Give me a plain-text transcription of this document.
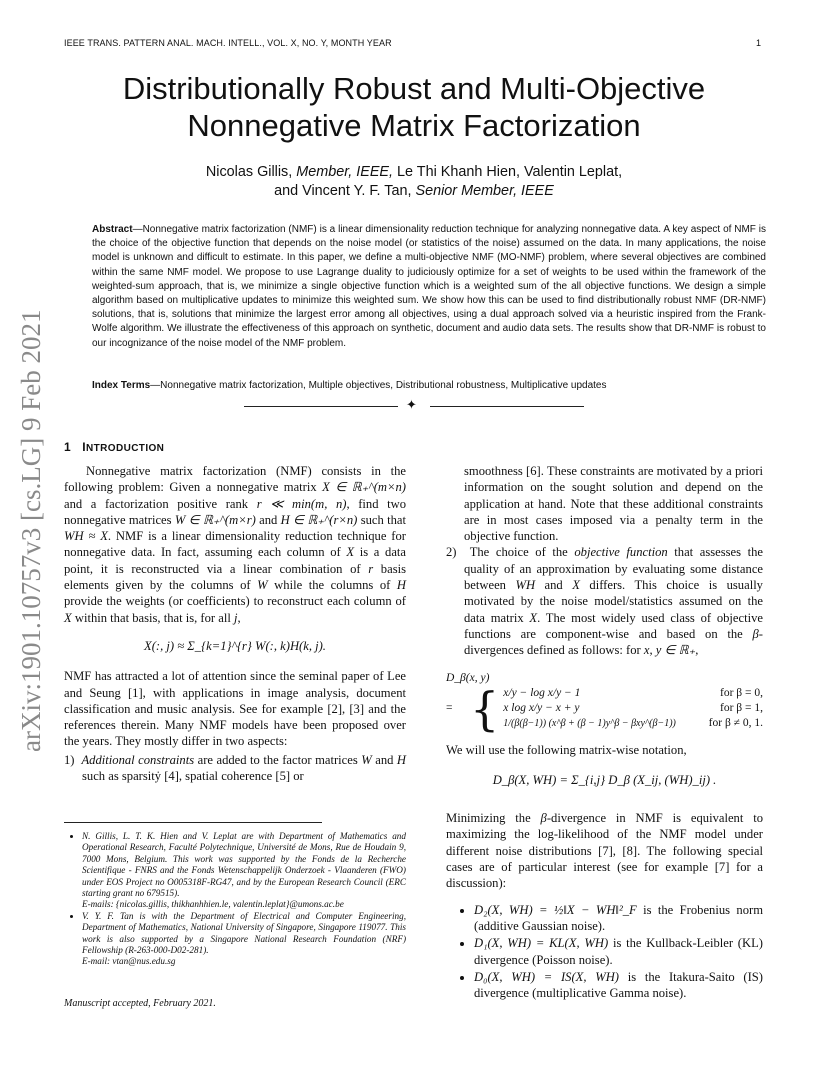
IEEE TRANS. PATTERN ANAL. MACH. INTELL., VOL. X, NO. Y, MONTH YEAR	1
arXiv:1901.10757v3 [cs.LG] 9 Feb 2021
Distributionally Robust and Multi-Objective
Nonnegative Matrix Factorization
Nicolas Gillis, Member, IEEE, Le Thi Khanh Hien, Valentin Leplat,
and Vincent Y. F. Tan, Senior Member, IEEE
Abstract—Nonnegative matrix factorization (NMF) is a linear dimensionality reduction technique for analyzing nonnegative data. A key aspect of NMF is the choice of the objective function that depends on the noise model (or statistics of the noise) assumed on the data. In many applications, the noise model is unknown and difficult to estimate. In this paper, we define a multi-objective NMF (MO-NMF) problem, where several objectives are combined within the same NMF model. We propose to use Lagrange duality to judiciously optimize for a set of weights to be used within the framework of the weighted-sum approach, that is, we minimize a single objective function which is a weighted sum of the all objective functions. We design a simple algorithm based on multiplicative updates to minimize this weighted sum. We show how this can be used to find distributionally robust NMF (DR-NMF) solutions, that is, solutions that minimize the largest error among all objectives, using a dual approach solved via a heuristic inspired from the Frank-Wolfe algorithm. We illustrate the effectiveness of this approach on synthetic, document and audio data sets. The results show that DR-NMF is robust to our incognizance of the noise model of the NMF problem.
Index Terms—Nonnegative matrix factorization, Multiple objectives, Distributional robustness, Multiplicative updates
✦
1 INTRODUCTION

Nonnegative matrix factorization (NMF) consists in the following problem: Given a nonnegative matrix X ∈ ℝ₊^(m×n) and a factorization positive rank r ≪ min(m, n), find two nonnegative matrices W ∈ ℝ₊^(m×r) and H ∈ ℝ₊^(r×n) such that WH ≈ X. NMF is a linear dimensionality reduction technique for nonnegative data. In fact, assuming each column of X is a data point, it is reconstructed via a linear combination of r basis elements given by the columns of W while the columns of H provide the weights (or coefficients) to reconstruct each column of X within that basis, that is, for all j,

X(:, j) ≈ Σ_{k=1}^{r} W(:, k)H(k, j).

NMF has attracted a lot of attention since the seminal paper of Lee and Seung [1], with applications in image analysis, document classification and music analysis. See for example [2], [3] and the references therein. Many NMF models have been proposed over the years. They mostly differ in two aspects:

1) Additional constraints are added to the factor matrices W and H such as sparsitẏ [4], spatial coherence [5] or
• N. Gillis, L. T. K. Hien and V. Leplat are with Department of Mathematics and Operational Research, Faculté Polytechnique, Université de Mons, Rue de Houdain 9, 7000 Mons, Belgium. This work was supported by the Fonds de la Recherche Scientifique - FNRS and the Fonds Wetenschappelijk Onderzoek - Vlaanderen (FWO) under EOS Project no O005318F-RG47, and by the European Research Council (ERC starting grant no 679515).
E-mails: {nicolas.gillis, thikhanhhien.le, valentin.leplat}@umons.ac.be
• V. Y. F. Tan is with the Department of Electrical and Computer Engineering, Department of Mathematics, National University of Singapore, Singapore 119077. This work is also supported by a Singapore National Research Foundation (NRF) Fellowship (R-263-000-D02-281).
E-mail: vtan@nus.edu.sg
Manuscript accepted, February 2021.

smoothness [6]. These constraints are motivated by a priori information on the sought solution and depend on the application at hand. Note that these additional constraints are in most cases imposed via a penalty term in the objective function.

2) The choice of the objective function that assesses the quality of an approximation by evaluating some distance between WH and X differs. This choice is usually motivated by the noise model/statistics assumed on the data matrix X. The most widely used class of objective functions are component-wise and based on the β-divergences defined as follows: for x, y ∈ ℝ₊,
D_β(x, y)
= { x/y − log x/y − 1	for β = 0,
x log x/y − x + y	for β = 1,
1/(β(β−1)) (x^β + (β − 1)y^β − βxy^(β−1))	for β ≠ 0, 1.

We will use the following matrix-wise notation,

D_β(X, WH) = Σ_{i,j} D_β (X_ij, (WH)_ij) .

Minimizing the β-divergence in NMF is equivalent to maximizing the log-likelihood of the NMF model under different noise distributions [7], [8]. The following special cases are of particular interest (see for example [7] for a discussion):

• D₂(X, WH) = ½‖X − WH‖²_F is the Frobenius norm (additive Gaussian noise).
• D₁(X, WH) = KL(X, WH) is the Kullback-Leibler (KL) divergence (Poisson noise).
• D₀(X, WH) = IS(X, WH) is the Itakura-Saito (IS) divergence (multiplicative Gamma noise).
